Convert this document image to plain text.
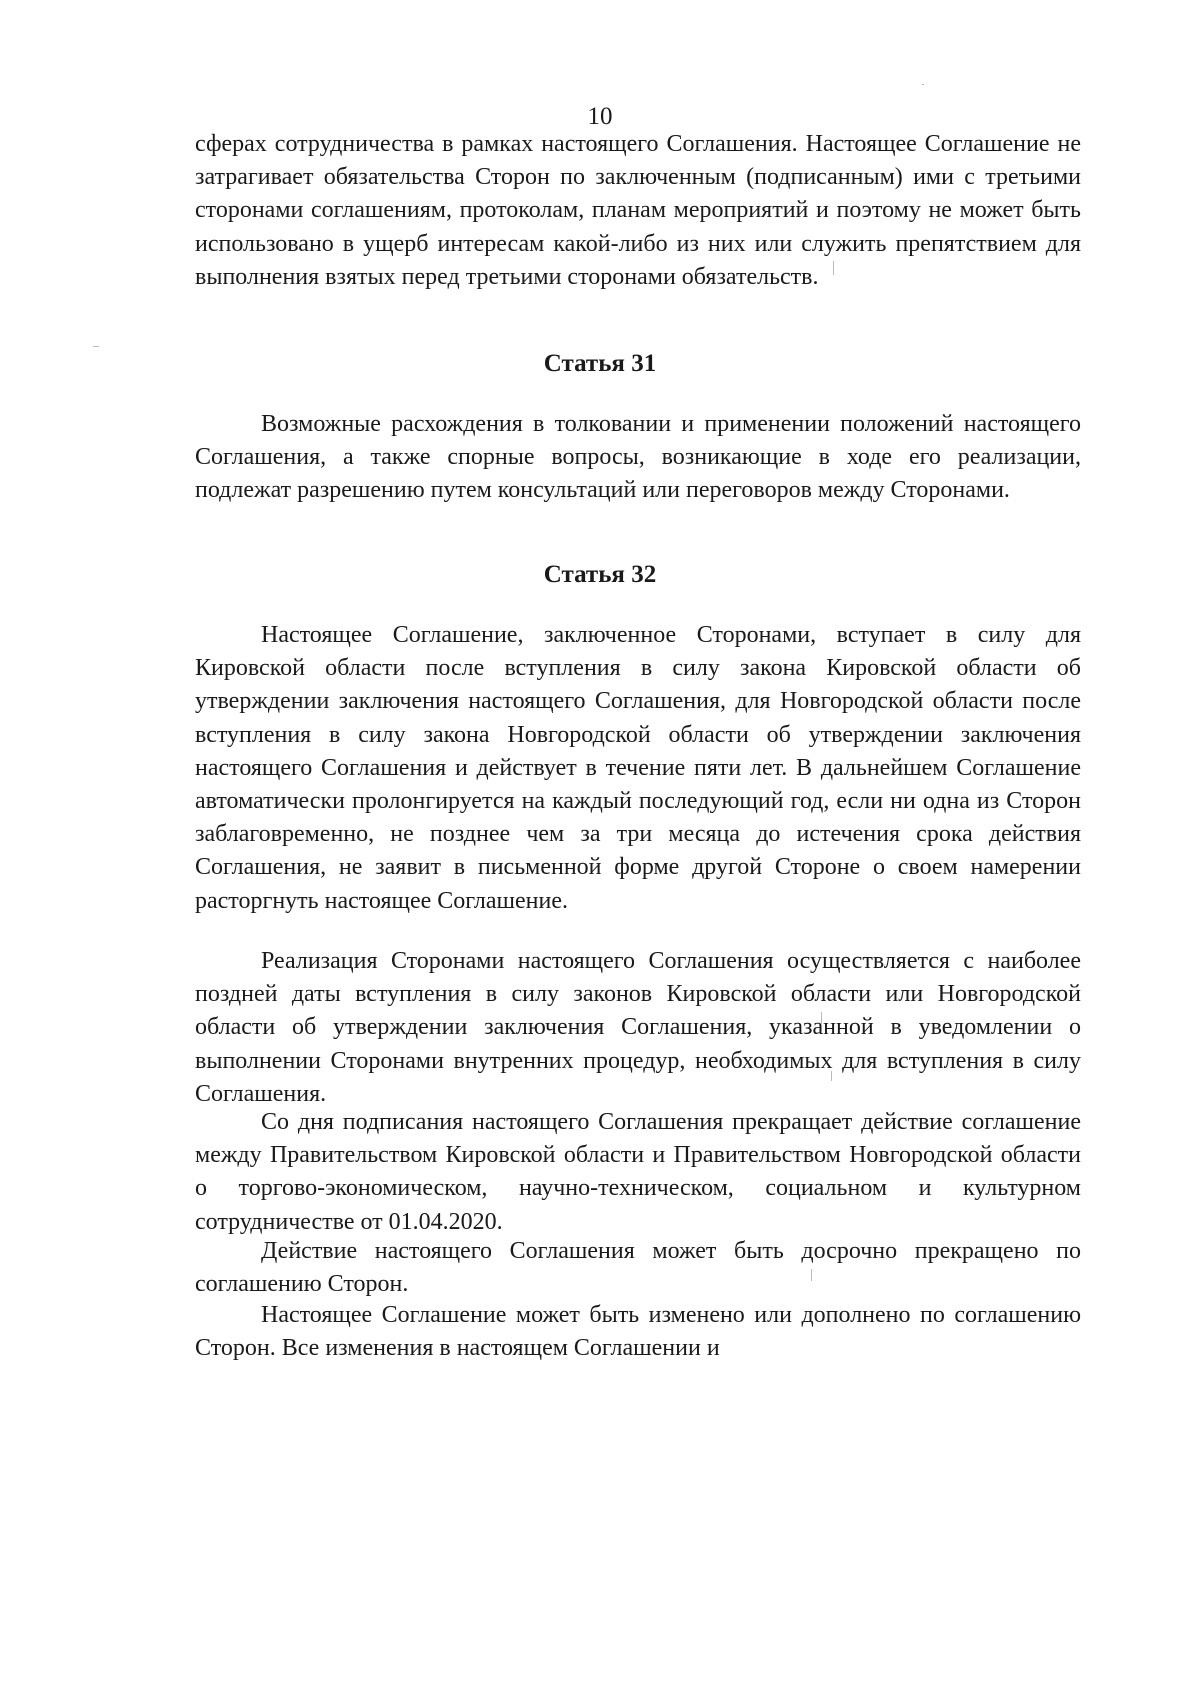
10

сферах сотрудничества в рамках настоящего Соглашения. Настоящее Соглашение не затрагивает обязательства Сторон по заключенным (подписанным) ими с третьими сторонами соглашениям, протоколам, планам мероприятий и поэтому не может быть использовано в ущерб интересам какой-либо из них или служить препятствием для выполнения взятых перед третьими сторонами обязательств.

Статья 31

Возможные расхождения в толковании и применении положений настоящего Соглашения, а также спорные вопросы, возникающие в ходе его реализации, подлежат разрешению путем консультаций или переговоров между Сторонами.

Статья 32

Настоящее Соглашение, заключенное Сторонами, вступает в силу для Кировской области после вступления в силу закона Кировской области об утверждении заключения настоящего Соглашения, для Новгородской области после вступления в силу закона Новгородской области об утверждении заключения настоящего Соглашения и действует в течение пяти лет. В дальнейшем Соглашение автоматически пролонгируется на каждый последующий год, если ни одна из Сторон заблаговременно, не позднее чем за три месяца до истечения срока действия Соглашения, не заявит в письменной форме другой Стороне о своем намерении расторгнуть настоящее Соглашение.

Реализация Сторонами настоящего Соглашения осуществляется с наиболее поздней даты вступления в силу законов Кировской области или Новгородской области об утверждении заключения Соглашения, указанной в уведомлении о выполнении Сторонами внутренних процедур, необходимых для вступления в силу Соглашения.

Со дня подписания настоящего Соглашения прекращает действие соглашение между Правительством Кировской области и Правительством Новгородской области о торгово-экономическом, научно-техническом, социальном и культурном сотрудничестве от 01.04.2020.

Действие настоящего Соглашения может быть досрочно прекращено по соглашению Сторон.

Настоящее Соглашение может быть изменено или дополнено по соглашению Сторон. Все изменения в настоящем Соглашении и
